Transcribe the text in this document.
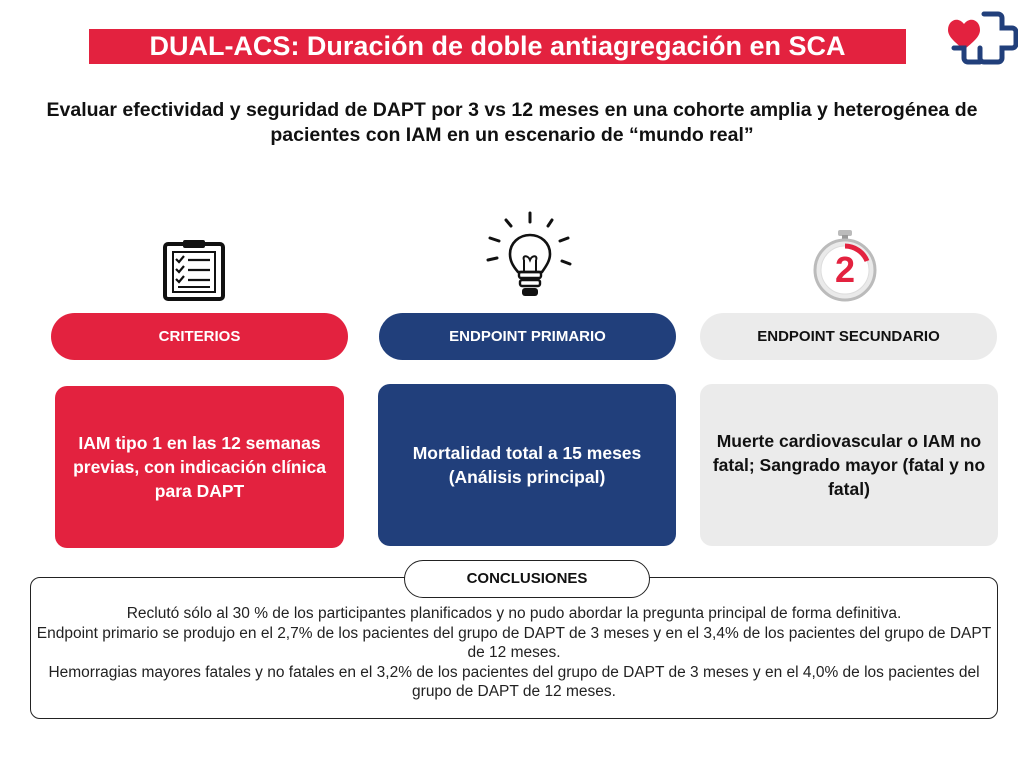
DUAL-ACS: Duración de doble antiagregación en SCA
Evaluar efectividad y seguridad de DAPT por 3 vs 12 meses en una cohorte amplia y heterogénea de pacientes con IAM en un escenario de “mundo real”
2
CRITERIOS	ENDPOINT PRIMARIO	ENDPOINT SECUNDARIO
IAM tipo 1 en las 12 semanas previas, con indicación clínica para DAPT
Mortalidad total a 15 meses (Análisis principal)
Muerte cardiovascular o IAM no fatal; Sangrado mayor (fatal y no fatal)
CONCLUSIONES

Reclutó sólo al 30 % de los participantes planificados y no pudo abordar la pregunta principal de forma definitiva.

Endpoint primario se produjo en el 2,7% de los pacientes del grupo de DAPT de 3 meses y en el 3,4% de los pacientes del grupo de DAPT de 12 meses.

Hemorragias mayores fatales y no fatales en el 3,2% de los pacientes del grupo de DAPT de 3 meses y en el 4,0% de los pacientes del grupo de DAPT de 12 meses.
